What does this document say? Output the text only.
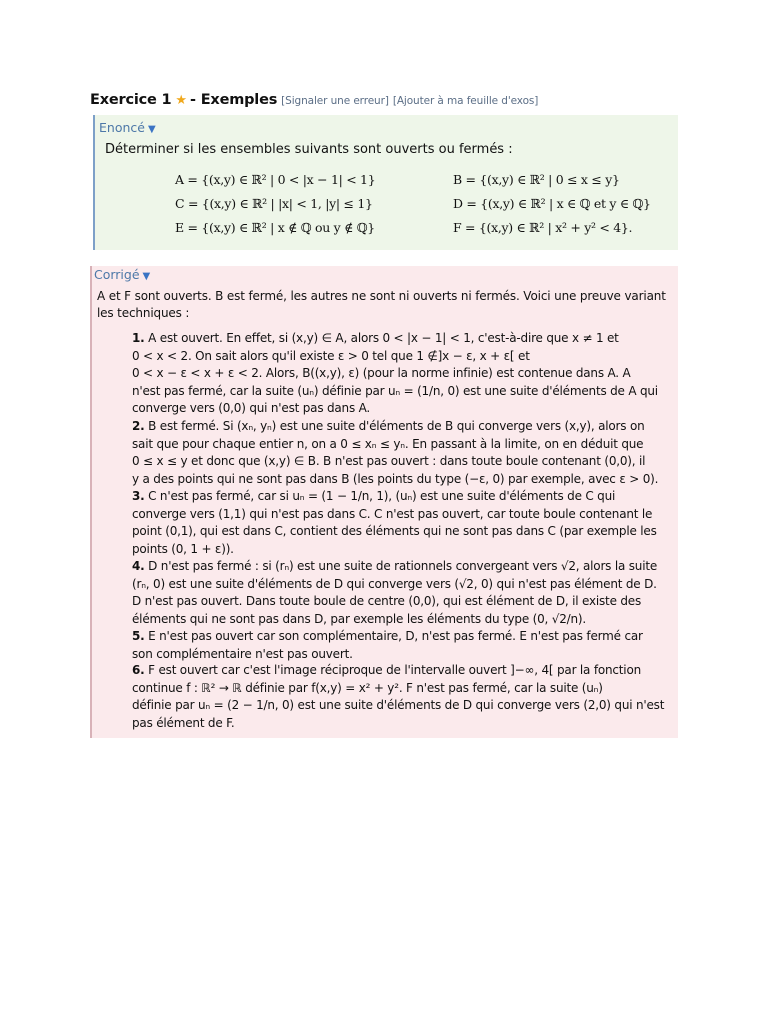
Exercice 1 ★ - Exemples [Signaler une erreur] [Ajouter à ma feuille d'exos]
Enoncé ▼
Déterminer si les ensembles suivants sont ouverts ou fermés :
A = {(x,y) ∈ ℝ² | 0 < |x − 1| < 1}	B = {(x,y) ∈ ℝ² | 0 ≤ x ≤ y}
C = {(x,y) ∈ ℝ² | |x| < 1, |y| ≤ 1}	D = {(x,y) ∈ ℝ² | x ∈ ℚ et y ∈ ℚ}
E = {(x,y) ∈ ℝ² | x ∉ ℚ ou y ∉ ℚ}	F = {(x,y) ∈ ℝ² | x² + y² < 4}.
Corrigé ▼
A et F sont ouverts. B est fermé, les autres ne sont ni ouverts ni fermés. Voici une preuve variant les techniques :

1. A est ouvert. En effet, si (x,y) ∈ A, alors 0 < |x − 1| < 1, c'est-à-dire que x ≠ 1 et

0 < x < 2. On sait alors qu'il existe ε > 0 tel que 1 ∉]x − ε, x + ε[ et

0 < x − ε < x + ε < 2. Alors, B((x,y), ε) (pour la norme infinie) est contenue dans A. A

n'est pas fermé, car la suite (uₙ) définie par uₙ = (1/n, 0) est une suite d'éléments de A qui

converge vers (0,0) qui n'est pas dans A.

2. B est fermé. Si (xₙ, yₙ) est une suite d'éléments de B qui converge vers (x,y), alors on

sait que pour chaque entier n, on a 0 ≤ xₙ ≤ yₙ. En passant à la limite, on en déduit que

0 ≤ x ≤ y et donc que (x,y) ∈ B. B n'est pas ouvert : dans toute boule contenant (0,0), il

y a des points qui ne sont pas dans B (les points du type (−ε, 0) par exemple, avec ε > 0).

3. C n'est pas fermé, car si uₙ = (1 − 1/n, 1), (uₙ) est une suite d'éléments de C qui

converge vers (1,1) qui n'est pas dans C. C n'est pas ouvert, car toute boule contenant le

point (0,1), qui est dans C, contient des éléments qui ne sont pas dans C (par exemple les

points (0, 1 + ε)).

4. D n'est pas fermé : si (rₙ) est une suite de rationnels convergeant vers √2, alors la suite

(rₙ, 0) est une suite d'éléments de D qui converge vers (√2, 0) qui n'est pas élément de D.

D n'est pas ouvert. Dans toute boule de centre (0,0), qui est élément de D, il existe des

éléments qui ne sont pas dans D, par exemple les éléments du type (0, √2/n).

5. E n'est pas ouvert car son complémentaire, D, n'est pas fermé. E n'est pas fermé car

son complémentaire n'est pas ouvert.

6. F est ouvert car c'est l'image réciproque de l'intervalle ouvert ]−∞, 4[ par la fonction

continue f : ℝ² → ℝ définie par f(x,y) = x² + y². F n'est pas fermé, car la suite (uₙ)

définie par uₙ = (2 − 1/n, 0) est une suite d'éléments de D qui converge vers (2,0) qui n'est

pas élément de F.
